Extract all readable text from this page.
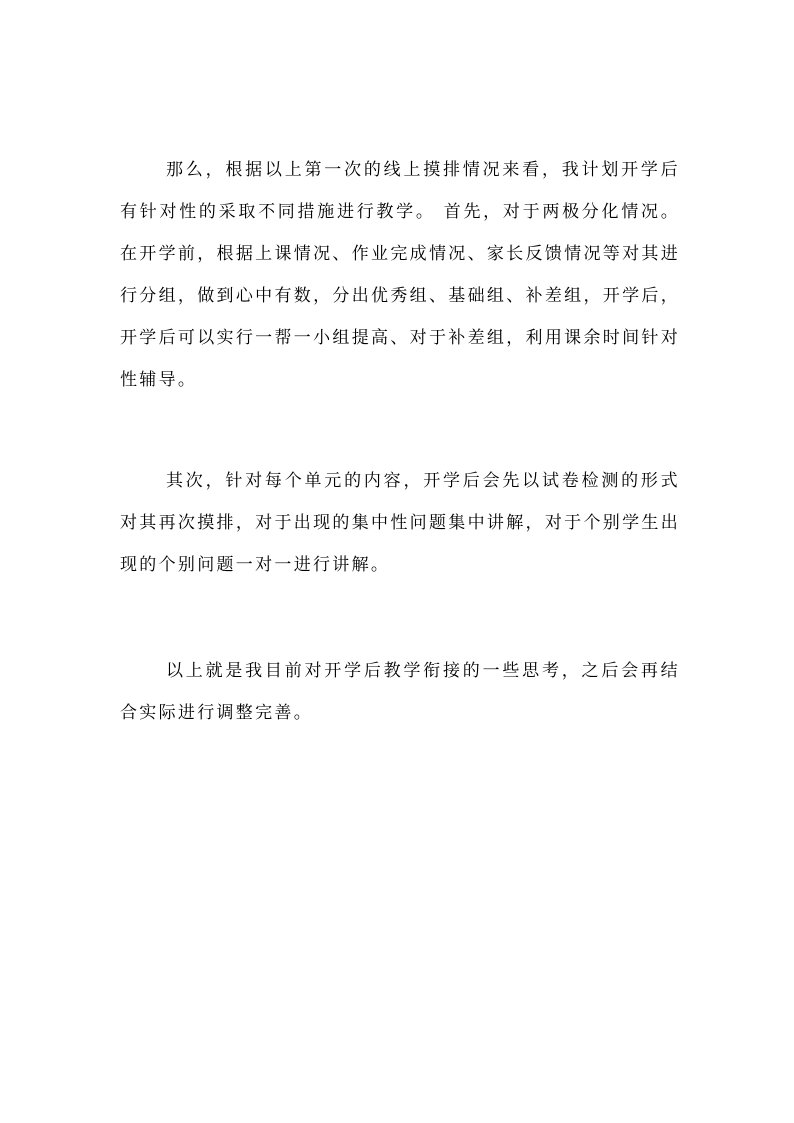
那么，根据以上第一次的线上摸排情况来看，我计划开学后有针对性的采取不同措施进行教学。 首先，对于两极分化情况。在开学前，根据上课情况、作业完成情况、家长反馈情况等对其进行分组，做到心中有数，分出优秀组、基础组、补差组，开学后，开学后可以实行一帮一小组提高、对于补差组，利用课余时间针对性辅导。

其次，针对每个单元的内容，开学后会先以试卷检测的形式对其再次摸排，对于出现的集中性问题集中讲解，对于个别学生出现的个别问题一对一进行讲解。

以上就是我目前对开学后教学衔接的一些思考，之后会再结合实际进行调整完善。
